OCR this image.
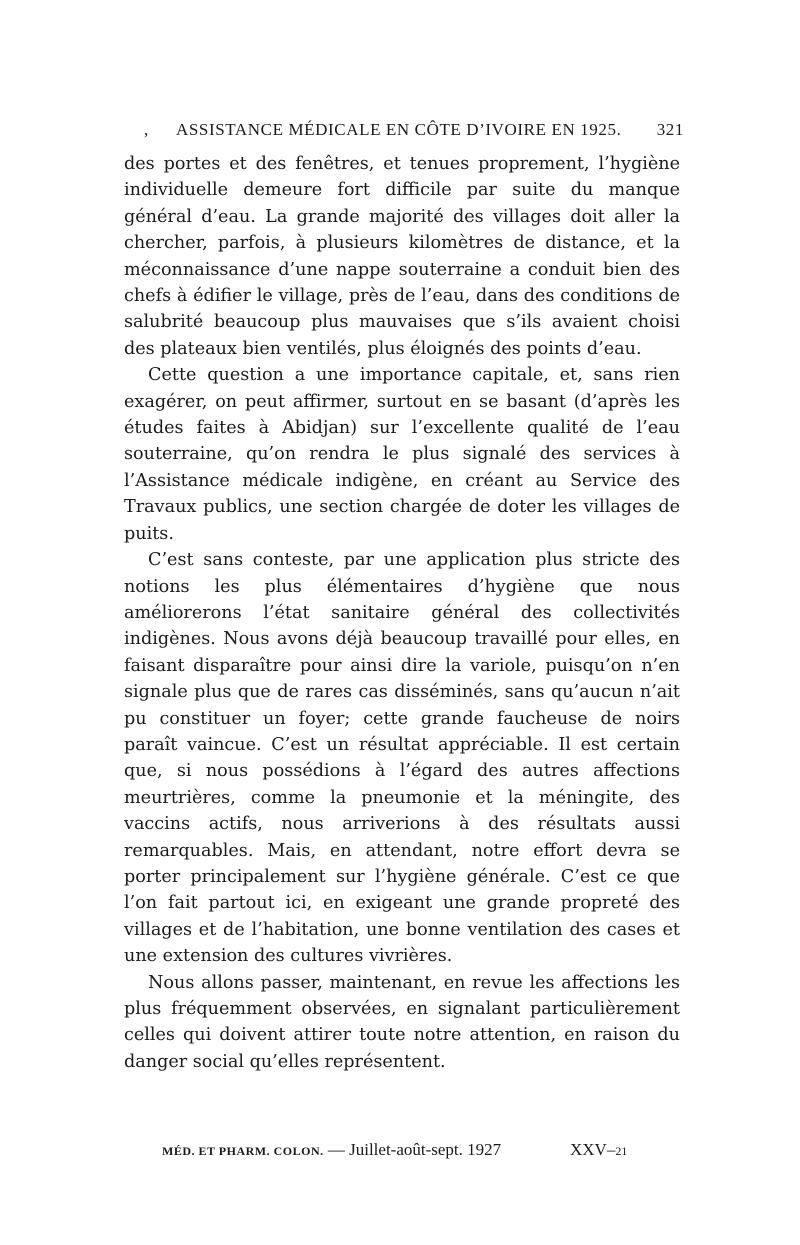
, ASSISTANCE MÉDICALE EN CÔTE D’IVOIRE EN 1925. 321

des portes et des fenêtres, et tenues proprement, l’hygiène individuelle demeure fort difficile par suite du manque général d’eau. La grande majorité des villages doit aller la chercher, parfois, à plusieurs kilomètres de distance, et la méconnaissance d’une nappe souterraine a conduit bien des chefs à édifier le village, près de l’eau, dans des conditions de salubrité beaucoup plus mauvaises que s’ils avaient choisi des plateaux bien ventilés, plus éloignés des points d’eau.

Cette question a une importance capitale, et, sans rien exagérer, on peut affirmer, surtout en se basant (d’après les études faites à Abidjan) sur l’excellente qualité de l’eau souterraine, qu’on rendra le plus signalé des services à l’Assistance médicale indigène, en créant au Service des Travaux publics, une section chargée de doter les villages de puits.

C’est sans conteste, par une application plus stricte des notions les plus élémentaires d’hygiène que nous améliorerons l’état sanitaire général des collectivités indigènes. Nous avons déjà beaucoup travaillé pour elles, en faisant disparaître pour ainsi dire la variole, puisqu’on n’en signale plus que de rares cas disséminés, sans qu’aucun n’ait pu constituer un foyer; cette grande faucheuse de noirs paraît vaincue. C’est un résultat appréciable. Il est certain que, si nous possédions à l’égard des autres affections meurtrières, comme la pneumonie et la méningite, des vaccins actifs, nous arriverions à des résultats aussi remarquables. Mais, en attendant, notre effort devra se porter principalement sur l’hygiène générale. C’est ce que l’on fait partout ici, en exigeant une grande propreté des villages et de l’habitation, une bonne ventilation des cases et une extension des cultures vivrières.

Nous allons passer, maintenant, en revue les affections les plus fréquemment observées, en signalant particulièrement celles qui doivent attirer toute notre attention, en raison du danger social qu’elles représentent.

MÉD. ET PHARM. COLON. — Juillet-août-sept. 1927	XXV–21
